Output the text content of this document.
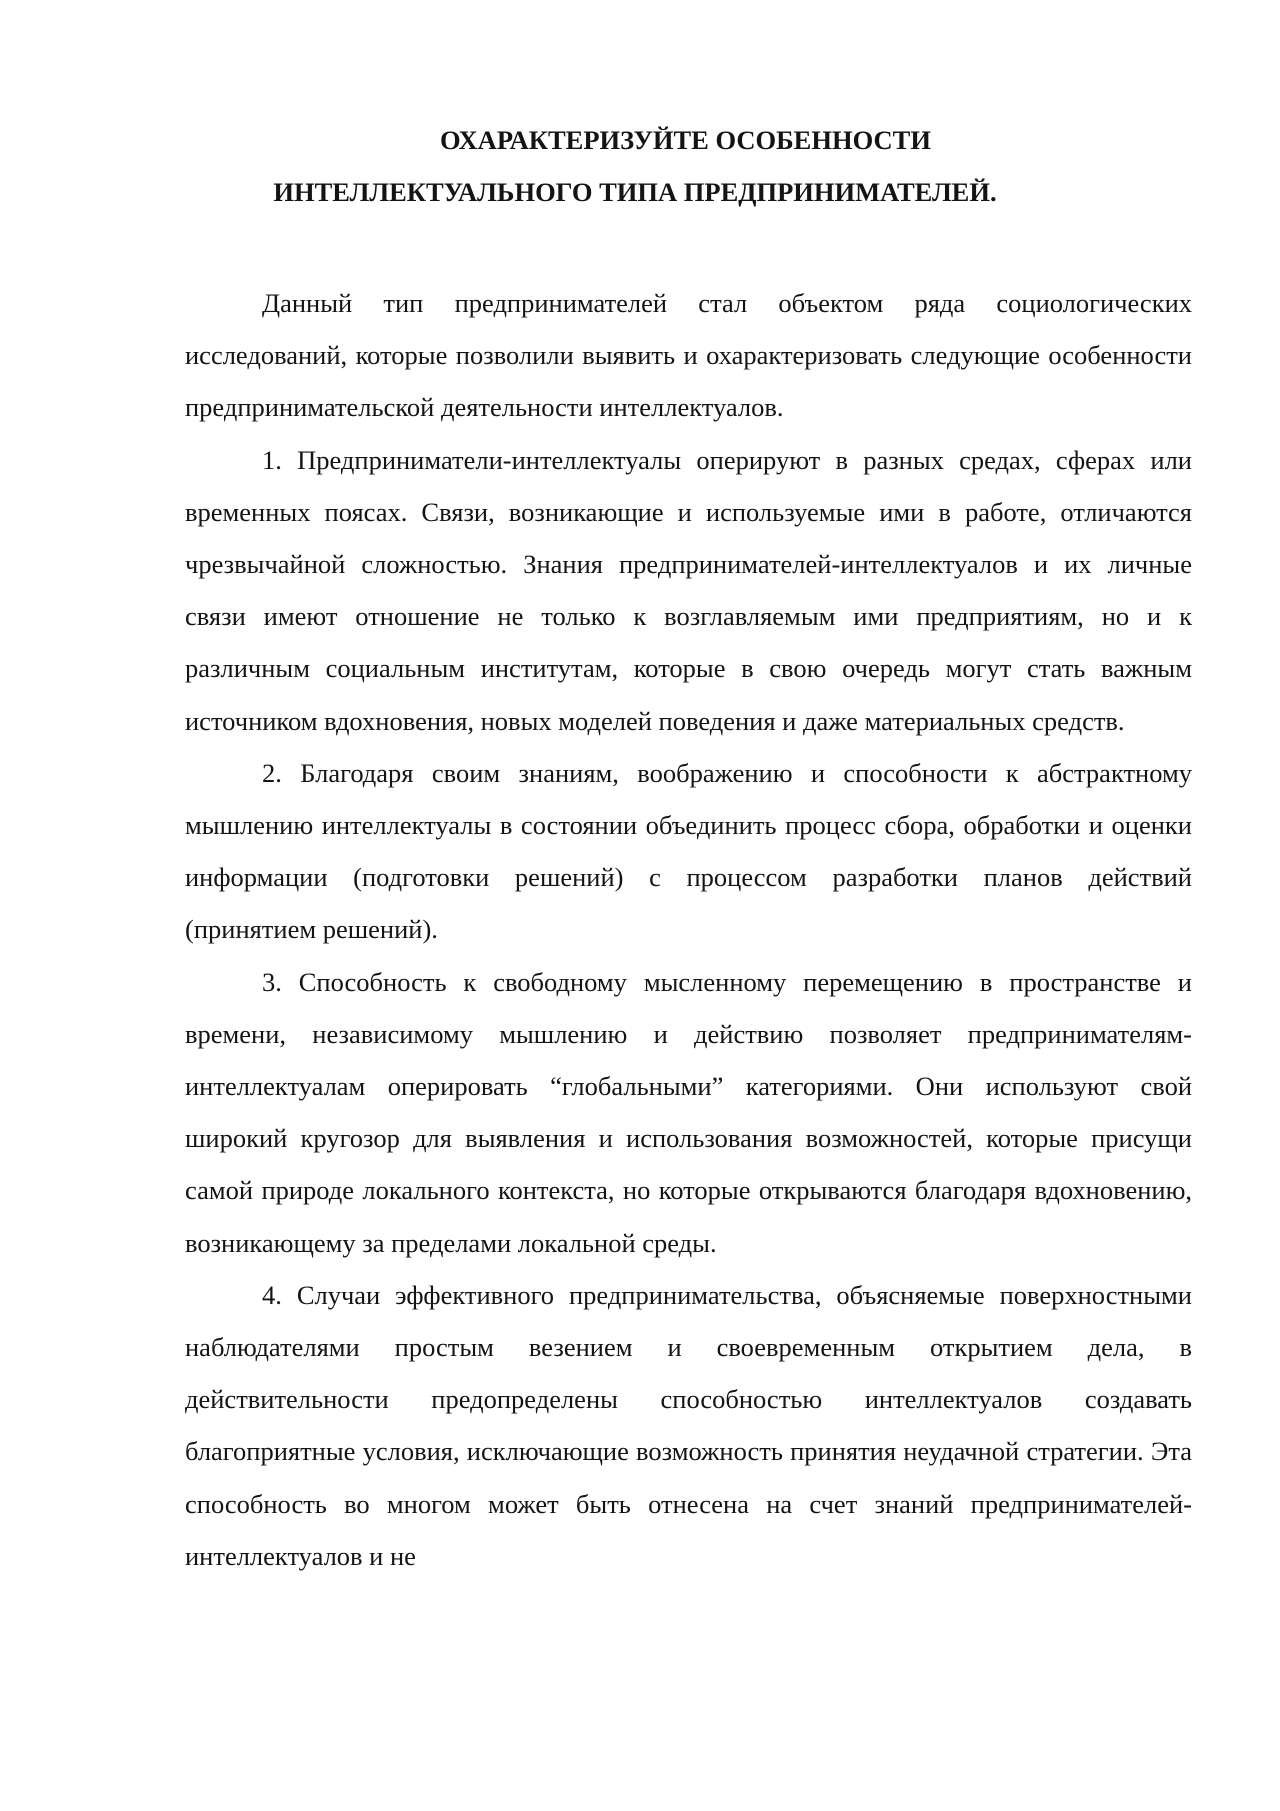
ОХАРАКТЕРИЗУЙТЕ ОСОБЕННОСТИ
ИНТЕЛЛЕКТУАЛЬНОГО ТИПА ПРЕДПРИНИМАТЕЛЕЙ.

Данный тип предпринимателей стал объектом ряда социологических исследований, которые позволили выявить и охарактеризовать следующие особенности предпринимательской деятельности интеллектуалов.

1. Предприниматели-интеллектуалы оперируют в разных средах, сферах или временных поясах. Связи, возникающие и используемые ими в работе, отличаются чрезвычайной сложностью. Знания предпринимателей-интеллектуалов и их личные связи имеют отношение не только к возглавляемым ими предприятиям, но и к различным социальным институтам, которые в свою очередь могут стать важным источником вдохновения, новых моделей поведения и даже материальных средств.

2. Благодаря своим знаниям, воображению и способности к абстрактному мышлению интеллектуалы в состоянии объединить процесс сбора, обработки и оценки информации (подготовки решений) с процессом разработки планов действий (принятием решений).

3. Способность к свободному мысленному перемещению в пространстве и времени, независимому мышлению и действию позволяет предпринимателям-интеллектуалам оперировать “глобальными” категориями. Они используют свой широкий кругозор для выявления и использования возможностей, которые присущи самой природе локального контекста, но которые открываются благодаря вдохновению, возникающему за пределами локальной среды.

4. Случаи эффективного предпринимательства, объясняемые поверхностными наблюдателями простым везением и своевременным открытием дела, в действительности предопределены способностью интеллектуалов создавать благоприятные условия, исключающие возможность принятия неудачной стратегии. Эта способность во многом может быть отнесена на счет знаний предпринимателей-интеллектуалов и не
